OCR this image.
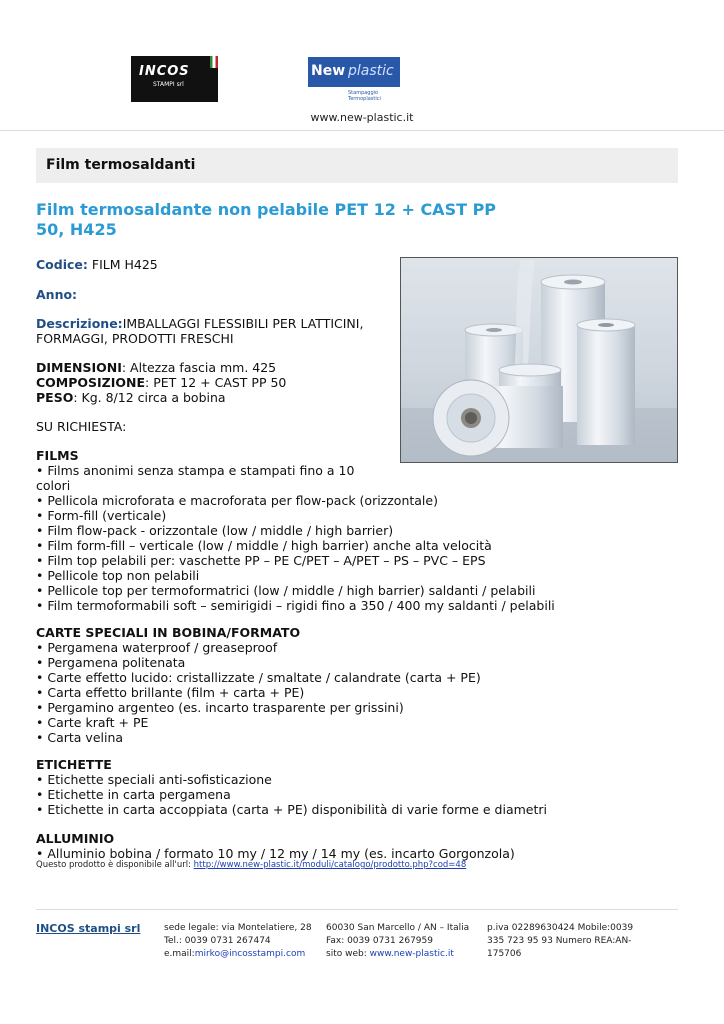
INCOS
STAMPI srl
New plastic
Stampaggio Termoplastici
www.new-plastic.it
Film termosaldanti
Film termosaldante non pelabile PET 12 + CAST PP 50, H425
Codice: FILM H425
Anno:
Descrizione:IMBALLAGGI FLESSIBILI PER LATTICINI, FORMAGGI, PRODOTTI FRESCHI
DIMENSIONI: Altezza fascia mm. 425
COMPOSIZIONE: PET 12 + CAST PP 50
PESO: Kg. 8/12 circa a bobina
SU RICHIESTA:
FILMS
• Films anonimi senza stampa e stampati fino a 10 colori
• Pellicola microforata e macroforata per flow-pack (orizzontale)
• Form-fill (verticale)
• Film flow-pack - orizzontale (low / middle / high barrier)
• Film form-fill – verticale (low / middle / high barrier) anche alta velocità
• Film top pelabili per: vaschette PP – PE C/PET – A/PET – PS – PVC – EPS
• Pellicole top non pelabili
• Pellicole top per termoformatrici (low / middle / high barrier) saldanti / pelabili
• Film termoformabili soft – semirigidi – rigidi fino a 350 / 400 my saldanti / pelabili
CARTE SPECIALI IN BOBINA/FORMATO
• Pergamena waterproof / greaseproof
• Pergamena politenata
• Carte effetto lucido: cristallizzate / smaltate / calandrate (carta + PE)
• Carta effetto brillante (film + carta + PE)
• Pergamino argenteo (es. incarto trasparente per grissini)
• Carte kraft + PE
• Carta velina
ETICHETTE
• Etichette speciali anti-sofisticazione
• Etichette in carta pergamena
• Etichette in carta accoppiata (carta + PE) disponibilità di varie forme e diametri
ALLUMINIO
• Alluminio bobina / formato 10 my / 12 my / 14 my (es. incarto Gorgonzola)
Questo prodotto è disponibile all'url: http://www.new-plastic.it/moduli/catalogo/prodotto.php?cod=48
INCOS stampi srl	sede legale: via Montelatiere, 28
Tel.: 0039 0731 267474
e.mail:mirko@incosstampi.com
60030 San Marcello / AN – Italia
Fax: 0039 0731 267959
sito web: www.new-plastic.it
p.iva 02289630424 Mobile:0039 335 723 95 93 Numero REA:AN-175706
